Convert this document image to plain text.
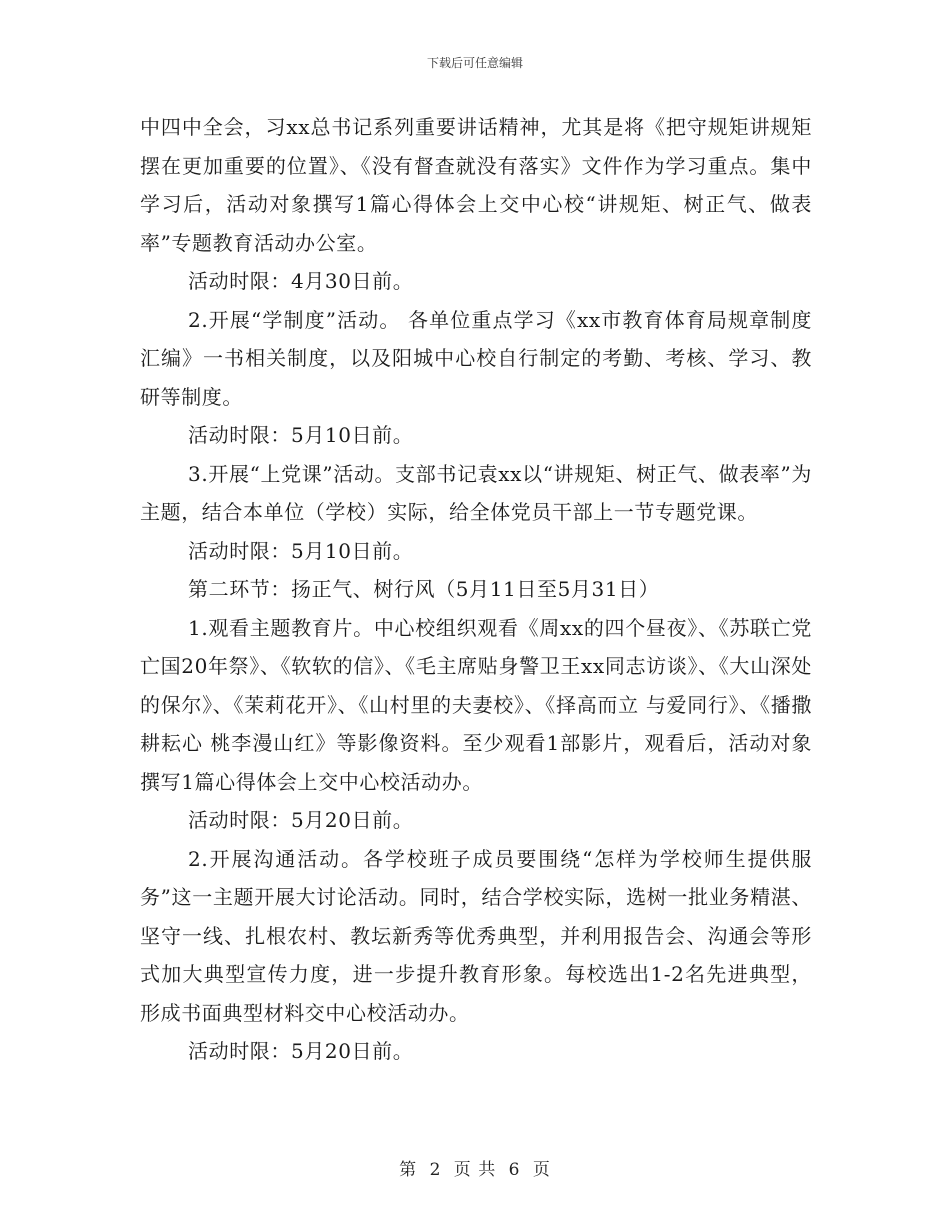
下载后可任意编辑

中四中全会，习xx总书记系列重要讲话精神，尤其是将《把守规矩讲规矩摆在更加重要的位置》、《没有督查就没有落实》文件作为学习重点。集中学习后，活动对象撰写1篇心得体会上交中心校“讲规矩、树正气、做表率”专题教育活动办公室。

活动时限：4月30日前。

2.开展“学制度”活动。 各单位重点学习《xx市教育体育局规章制度汇编》一书相关制度，以及阳城中心校自行制定的考勤、考核、学习、教研等制度。

活动时限：5月10日前。

3.开展“上党课”活动。支部书记袁xx以“讲规矩、树正气、做表率”为主题，结合本单位（学校）实际，给全体党员干部上一节专题党课。

活动时限：5月10日前。

第二环节：扬正气、树行风（5月11日至5月31日）

1.观看主题教育片。中心校组织观看《周xx的四个昼夜》、《苏联亡党亡国20年祭》、《软软的信》、《毛主席贴身警卫王xx同志访谈》、《大山深处的保尔》、《茉莉花开》、《山村里的夫妻校》、《择高而立 与爱同行》、《播撒耕耘心 桃李漫山红》等影像资料。至少观看1部影片，观看后，活动对象撰写1篇心得体会上交中心校活动办。

活动时限：5月20日前。

2.开展沟通活动。各学校班子成员要围绕“怎样为学校师生提供服务”这一主题开展大讨论活动。同时，结合学校实际，选树一批业务精湛、坚守一线、扎根农村、教坛新秀等优秀典型，并利用报告会、沟通会等形式加大典型宣传力度，进一步提升教育形象。每校选出1-2名先进典型，形成书面典型材料交中心校活动办。

活动时限：5月20日前。

第 2 页 共 6 页
